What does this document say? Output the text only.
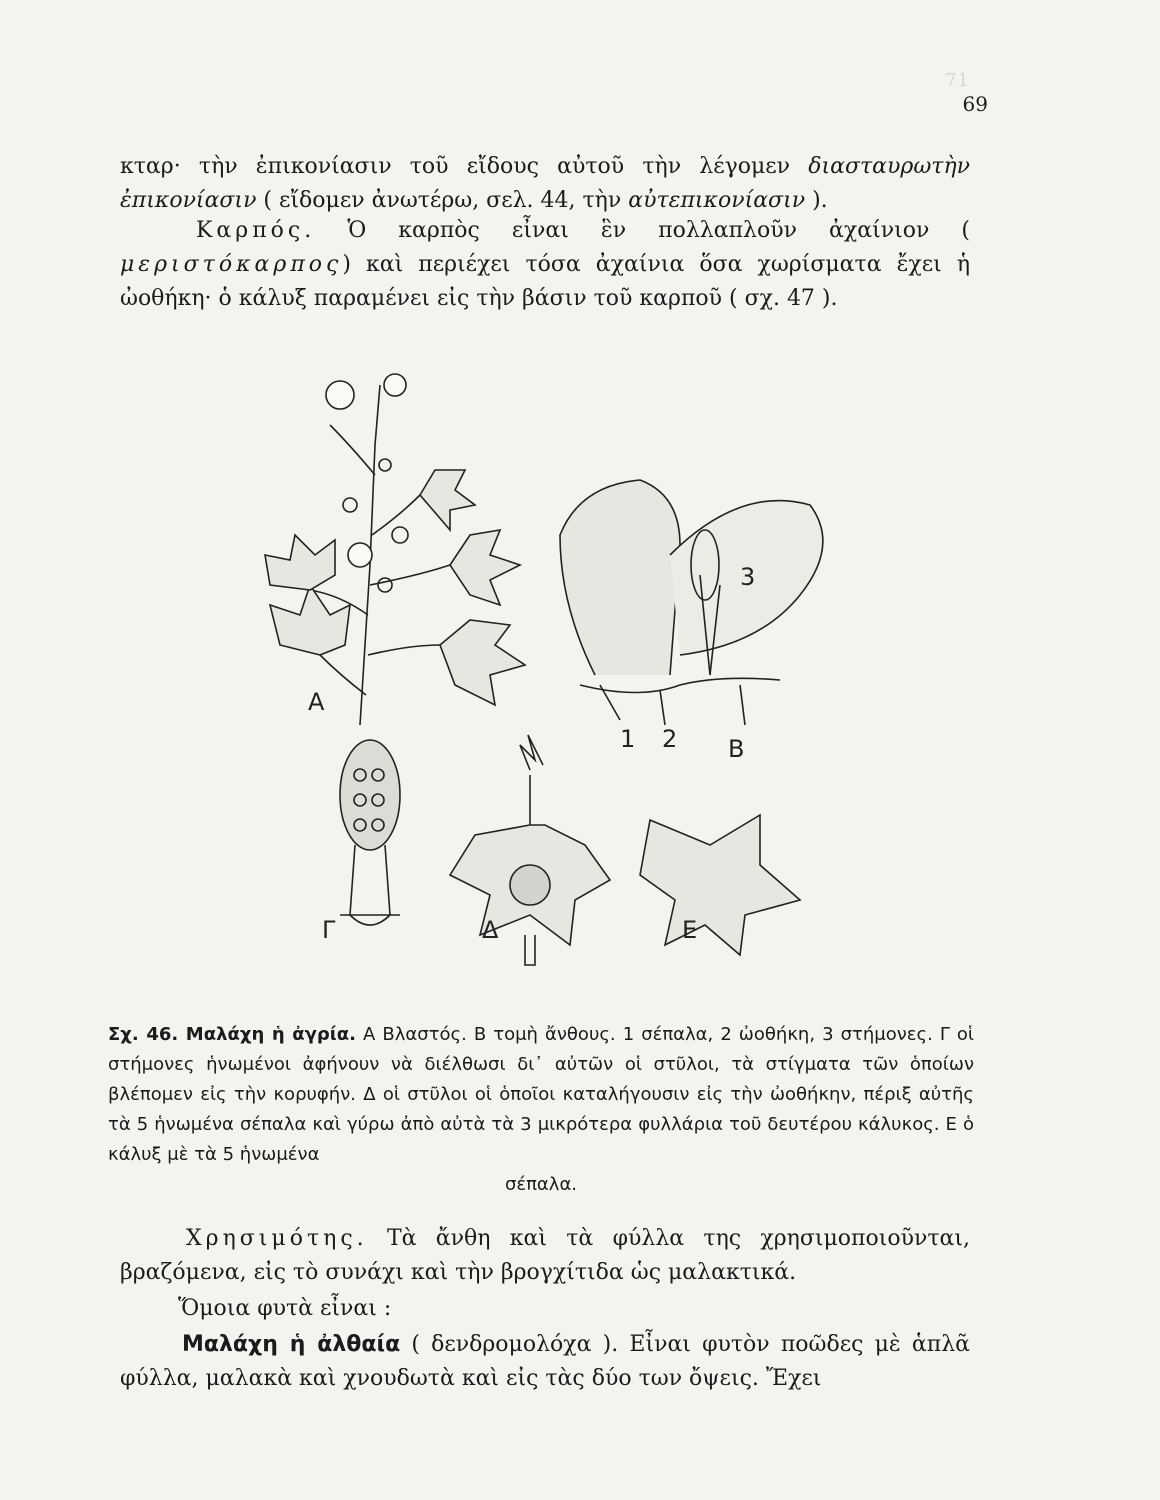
71
69

κταρ· τὴν ἐπικονίασιν τοῦ εἴδους αὐτοῦ τὴν λέγομεν διασταυρωτὴν ἐπικονίασιν ( εἴδομεν ἀνωτέρω, σελ. 44, τὴν αὐτεπικονίασιν ).

Καρπός. Ὁ καρπὸς εἶναι ἓν πολλαπλοῦν ἀχαίνιον ( μεριστόκαρπος) καὶ περιέχει τόσα ἀχαίνια ὅσα χωρίσματα ἔχει ἡ ὠοθήκη· ὁ κάλυξ παραμένει εἰς τὴν βάσιν τοῦ καρποῦ ( σχ. 47 ).

A
Γ	Δ	E
B
1 2
3

Σχ. 46. Μαλάχη ἡ ἀγρία. Α Βλαστός. Β τομὴ ἄνθους. 1 σέπαλα, 2 ὠοθήκη, 3 στήμονες. Γ οἱ στήμονες ἡνωμένοι ἀφήνουν νὰ διέλθωσι δι᾽ αὐτῶν οἱ στῦλοι, τὰ στίγματα τῶν ὁποίων βλέπομεν εἰς τὴν κορυφήν. Δ οἱ στῦλοι οἱ ὁποῖοι καταλήγουσιν εἰς τὴν ὠοθήκην, πέριξ αὐτῆς τὰ 5 ἡνωμένα σέπαλα καὶ γύρω ἀπὸ αὐτὰ τὰ 3 μικρότερα φυλλάρια τοῦ δευτέρου κάλυκος. Ε ὁ κάλυξ μὲ τὰ 5 ἡνωμένα
σέπαλα.

Χρησιμότης. Τὰ ἄνθη καὶ τὰ φύλλα της χρησιμοποιοῦνται, βραζόμενα, εἰς τὸ συνάχι καὶ τὴν βρογχίτιδα ὡς μαλακτικά.

Ὅμοια φυτὰ εἶναι :

Μαλάχη ἡ ἀλθαία ( δενδρομολόχα ). Εἶναι φυτὸν ποῶδες μὲ ἁπλᾶ φύλλα, μαλακὰ καὶ χνουδωτὰ καὶ εἰς τὰς δύο των ὄψεις. Ἔχει
